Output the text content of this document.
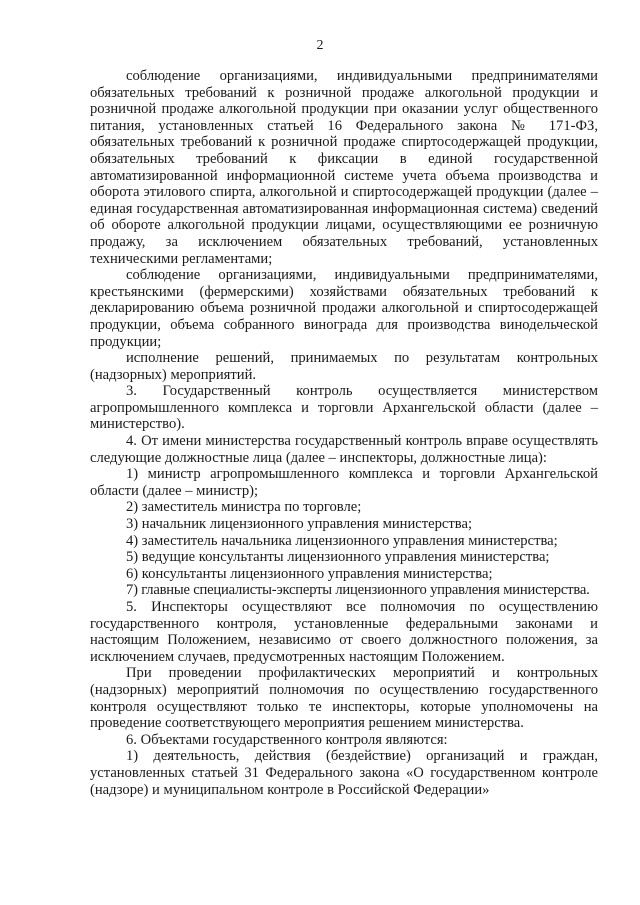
2

соблюдение организациями, индивидуальными предпринимателями обязательных требований к розничной продаже алкогольной продукции и розничной продаже алкогольной продукции при оказании услуг общественного питания, установленных статьей 16 Федерального закона № 171-ФЗ, обязательных требований к розничной продаже спиртосодержащей продукции, обязательных требований к фиксации в единой государственной автоматизированной информационной системе учета объема производства и оборота этилового спирта, алкогольной и спиртосодержащей продукции (далее – единая государственная автоматизированная информационная система) сведений об обороте алкогольной продукции лицами, осуществляющими ее розничную продажу, за исключением обязательных требований, установленных техническими регламентами;

соблюдение организациями, индивидуальными предпринимателями, крестьянскими (фермерскими) хозяйствами обязательных требований к декларированию объема розничной продажи алкогольной и спиртосодержащей продукции, объема собранного винограда для производства винодельческой продукции;

исполнение решений, принимаемых по результатам контрольных (надзорных) мероприятий.

3. Государственный контроль осуществляется министерством агропромышленного комплекса и торговли Архангельской области (далее – министерство).

4. От имени министерства государственный контроль вправе осуществлять следующие должностные лица (далее – инспекторы, должностные лица):

1) министр агропромышленного комплекса и торговли Архангельской области (далее – министр);

2) заместитель министра по торговле;

3) начальник лицензионного управления министерства;

4) заместитель начальника лицензионного управления министерства;

5) ведущие консультанты лицензионного управления министерства;

6) консультанты лицензионного управления министерства;

7) главные специалисты-эксперты лицензионного управления министерства.

5. Инспекторы осуществляют все полномочия по осуществлению государственного контроля, установленные федеральными законами и настоящим Положением, независимо от своего должностного положения, за исключением случаев, предусмотренных настоящим Положением.

При проведении профилактических мероприятий и контрольных (надзорных) мероприятий полномочия по осуществлению государственного контроля осуществляют только те инспекторы, которые уполномочены на проведение соответствующего мероприятия решением министерства.

6. Объектами государственного контроля являются:

1) деятельность, действия (бездействие) организаций и граждан, установленных статьей 31 Федерального закона «О государственном контроле (надзоре) и муниципальном контроле в Российской Федерации»
